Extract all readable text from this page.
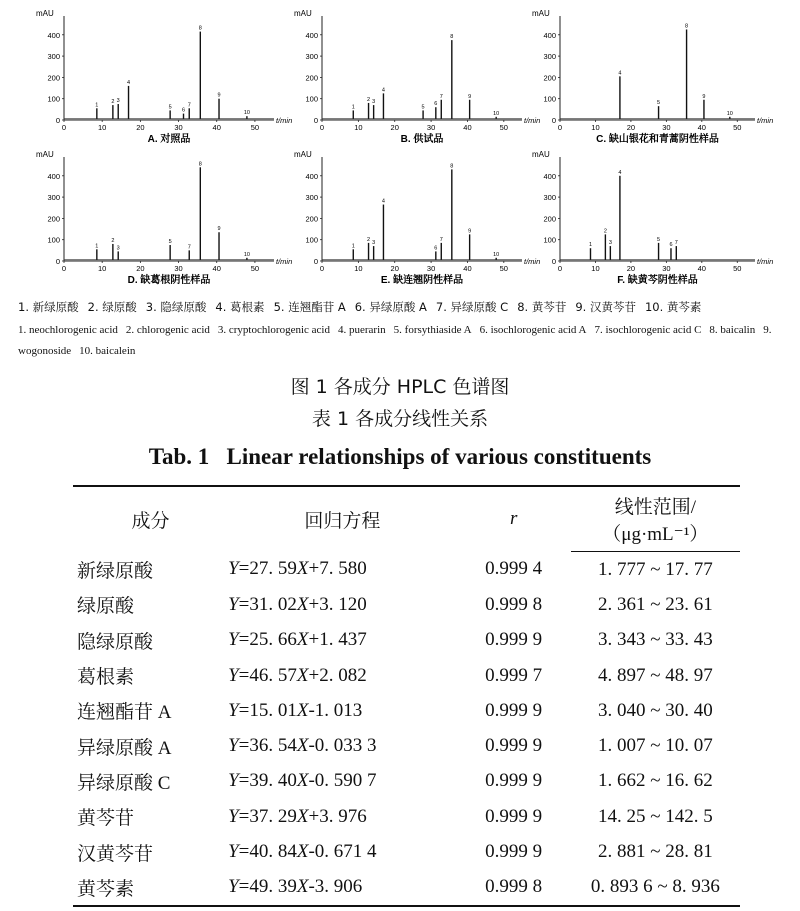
mAU
0
100
200
300
400
0	10	20	30	40	50
t/min
1
2 3
4
5
6
7
8
9
10
A. 对照品
mAU
0
100
200
300
400
0	10	20	30	40	50
t/min
1
2 3
4
5
6
7
8
9
10
B. 供试品
mAU
0
100
200
300
400
0	10	20	30	40	50
t/min
4
5
8
9
10
C. 缺山银花和青蒿阴性样品
mAU
0
100
200
300
400
0	10	20	30	40	50
t/min
1
2
3
5
7
8
9
10
D. 缺葛根阴性样品
mAU
0
100
200
300
400
0	10	20	30	40	50
t/min
1
2
3
4
6
7
8
9
10
E. 缺连翘阴性样品
mAU
0
100
200
300
400
0	10	20	30	40	50
t/min
1
2
3
4
5
6 7
F. 缺黄芩阴性样品
1. 新绿原酸 2. 绿原酸 3. 隐绿原酸 4. 葛根素 5. 连翘酯苷 A 6. 异绿原酸 A 7. 异绿原酸 C 8. 黄芩苷 9. 汉黄芩苷 10. 黄芩素
1. neochlorogenic acid 2. chlorogenic acid 3. cryptochlorogenic acid 4. puerarin 5. forsythiaside A 6. isochlorogenic acid A 7. isochlorogenic acid C 8. baicalin 9. wogonoside 10. baicalein
图 1 各成分 HPLC 色谱图
表 1 各成分线性关系
Tab. 1   Linear relationships of various constituents
成分	回归方程	r	线性范围/
			（μg·mL⁻¹）
新绿原酸	Y=27. 59X+7. 580	0.999 4	1. 777 ~ 17. 77
绿原酸	Y=31. 02X+3. 120	0.999 8	2. 361 ~ 23. 61
隐绿原酸	Y=25. 66X+1. 437	0.999 9	3. 343 ~ 33. 43
葛根素	Y=46. 57X+2. 082	0.999 7	4. 897 ~ 48. 97
连翘酯苷 A	Y=15. 01X-1. 013	0.999 9	3. 040 ~ 30. 40
异绿原酸 A	Y=36. 54X-0. 033 3	0.999 9	1. 007 ~ 10. 07
异绿原酸 C	Y=39. 40X-0. 590 7	0.999 9	1. 662 ~ 16. 62
黄芩苷	Y=37. 29X+3. 976	0.999 9	14. 25 ~ 142. 5
汉黄芩苷	Y=40. 84X-0. 671 4	0.999 9	2. 881 ~ 28. 81
黄芩素	Y=49. 39X-3. 906	0.999 8	0. 893 6 ~ 8. 936
